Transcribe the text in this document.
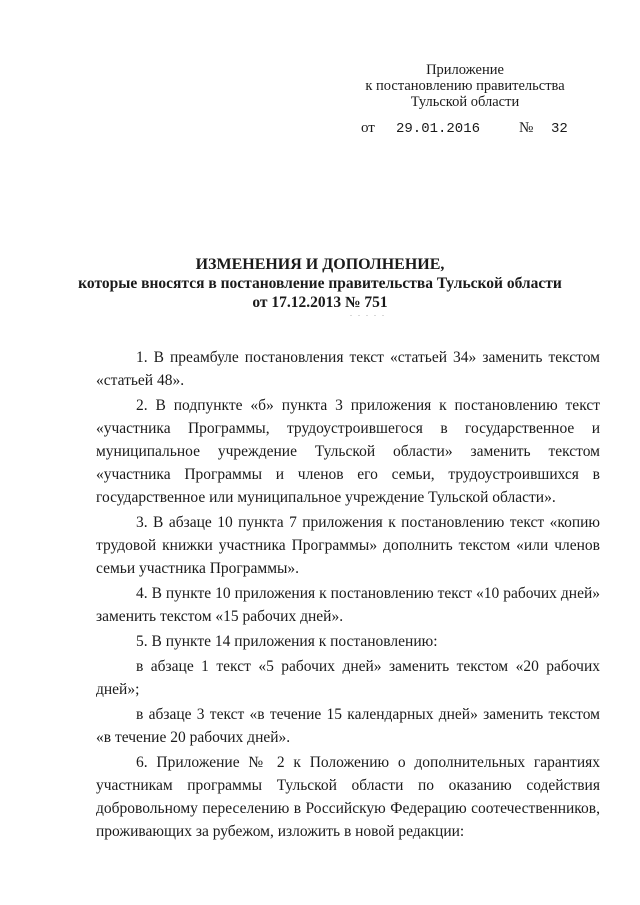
Приложение
к постановлению правительства
Тульской области
от 29.01.2016	№ 32
ИЗМЕНЕНИЯ И ДОПОЛНЕНИЕ,
которые вносятся в постановление правительства Тульской области
от 17.12.2013 № 751
. . . . .

1. В преамбуле постановления текст «статьей 34» заменить текстом «статьей 48».

2. В подпункте «б» пункта 3 приложения к постановлению текст «участника Программы, трудоустроившегося в государственное и муниципальное учреждение Тульской области» заменить текстом «участника Программы и членов его семьи, трудоустроившихся в государственное или муниципальное учреждение Тульской области».

3. В абзаце 10 пункта 7 приложения к постановлению текст «копию трудовой книжки участника Программы» дополнить текстом «или членов семьи участника Программы».

4. В пункте 10 приложения к постановлению текст «10 рабочих дней» заменить текстом «15 рабочих дней».

5. В пункте 14 приложения к постановлению:

в абзаце 1 текст «5 рабочих дней» заменить текстом «20 рабочих дней»;

в абзаце 3 текст «в течение 15 календарных дней» заменить текстом «в течение 20 рабочих дней».

6. Приложение № 2 к Положению о дополнительных гарантиях участникам программы Тульской области по оказанию содействия добровольному переселению в Российскую Федерацию соотечественников, проживающих за рубежом, изложить в новой редакции:
